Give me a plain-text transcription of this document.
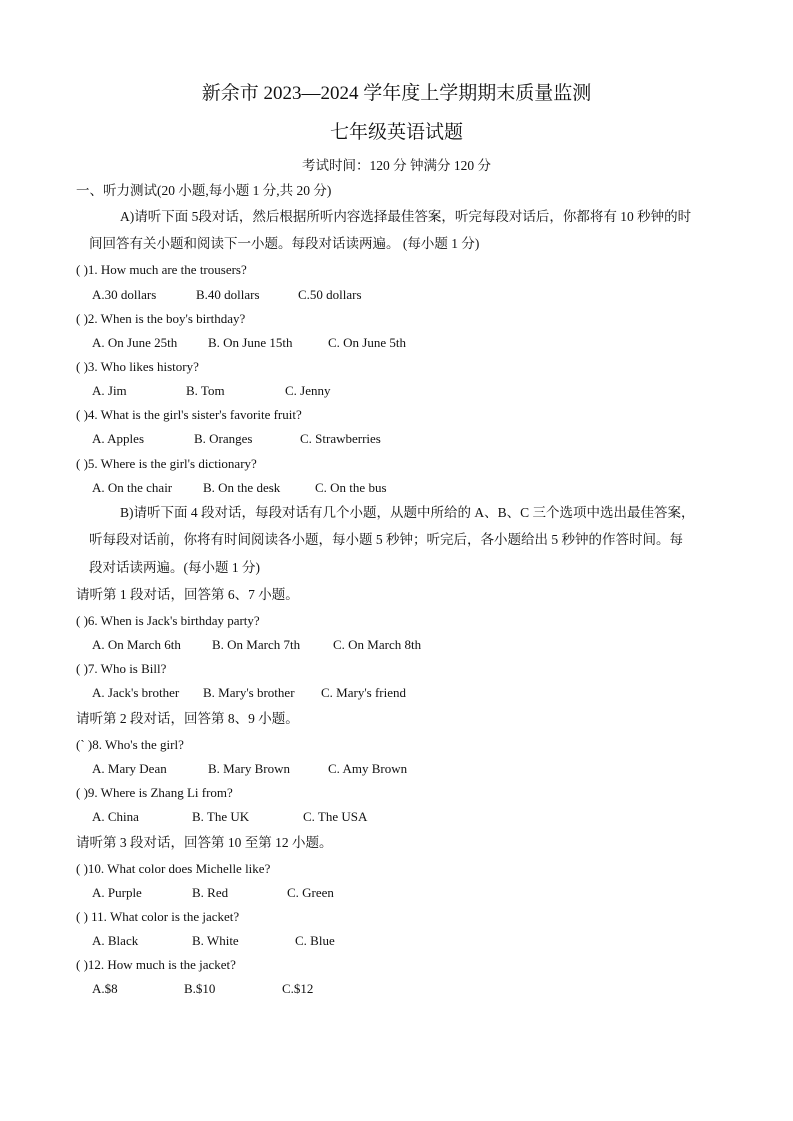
新余市 2023—2024 学年度上学期期末质量监测
七年级英语试题
考试时间：120 分 钟满分 120 分
一、听力测试(20 小题,每小题 1 分,共 20 分)
A)请听下面 5段对话，然后根据所听内容选择最佳答案，听完每段对话后，你都将有 10 秒钟的时
间回答有关小题和阅读下一小题。每段对话读两遍。 (每小题 1 分)
( )1. How much are the trousers?
A.30 dollars	B.40 dollars	C.50 dollars
( )2. When is the boy's birthday?
A. On June 25th B. On June 15th	C. On June 5th
( )3. Who likes history?
A. Jim	B. Tom	C. Jenny
( )4. What is the girl's sister's favorite fruit?
A. Apples	B. Oranges	C. Strawberries
( )5. Where is the girl's dictionary?
A. On the chair B. On the desk	C. On the bus
B)请听下面 4 段对话，每段对话有几个小题，从题中所给的 A、B、C 三个选项中选出最佳答案，
听每段对话前，你将有时间阅读各小题，每小题 5 秒钟；听完后，各小题给出 5 秒钟的作答时间。每
段对话读两遍。(每小题 1 分)
请听第 1 段对话，回答第 6、7 小题。
( )6. When is Jack's birthday party?
A. On March 6th B. On March 7th	C. On March 8th
( )7. Who is Bill?
A. Jack's brother B. Mary's brother C. Mary's friend
请听第 2 段对话，回答第 8、9 小题。
(` )8. Who's the girl?
A. Mary Dean	B. Mary Brown	C. Amy Brown
( )9. Where is Zhang Li from?
A. China	B. The UK	C. The USA
请听第 3 段对话，回答第 10 至第 12 小题。
( )10. What color does Michelle like?
A. Purple	B. Red	C. Green
( ) 11. What color is the jacket?
A. Black	B. White	C. Blue
( )12. How much is the jacket?
A.$8	B.$10	C.$12
